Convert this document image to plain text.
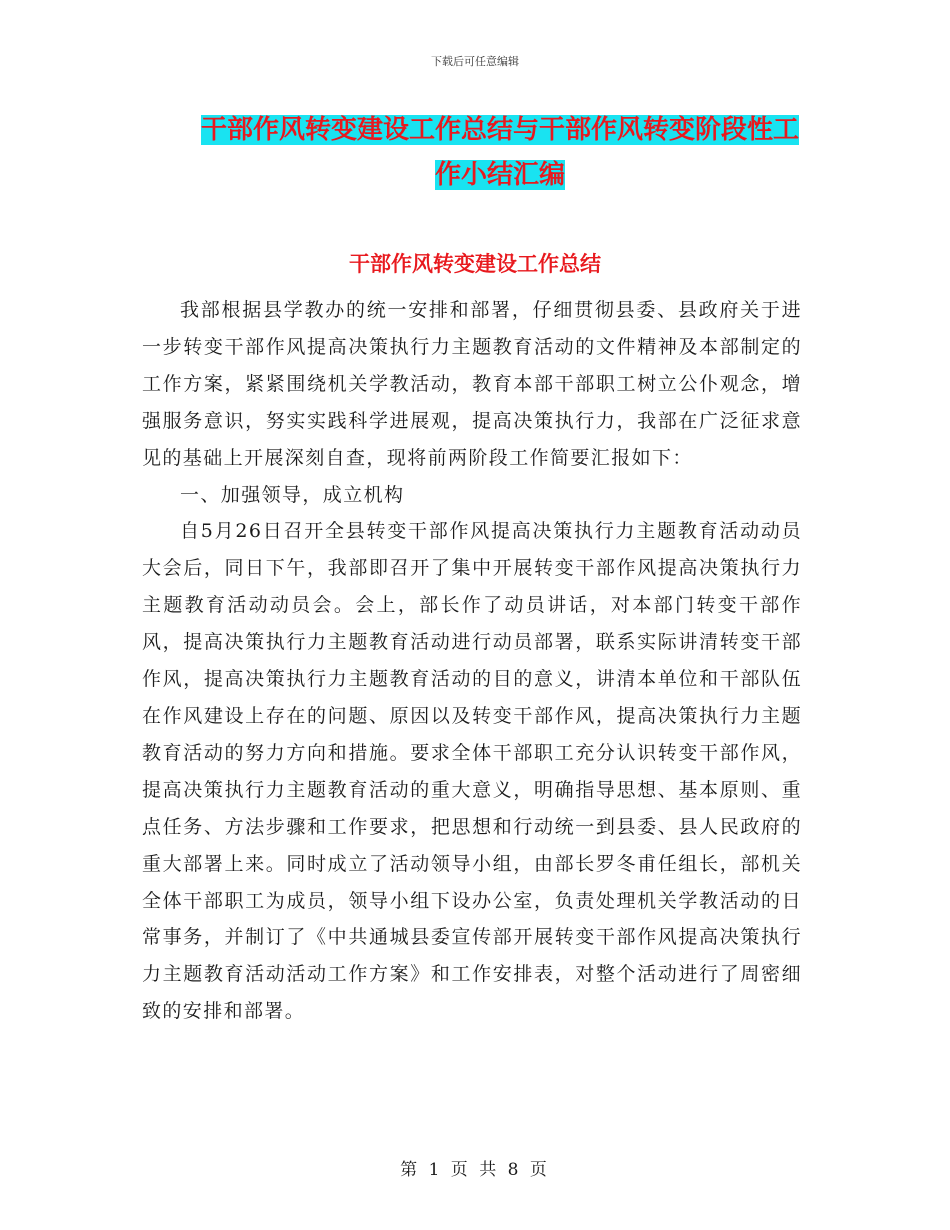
下载后可任意编辑
干部作风转变建设工作总结与干部作风转变阶段性工
作小结汇编
干部作风转变建设工作总结

我部根据县学教办的统一安排和部署，仔细贯彻县委、县政府关于进一步转变干部作风提高决策执行力主题教育活动的文件精神及本部制定的工作方案，紧紧围绕机关学教活动，教育本部干部职工树立公仆观念，增强服务意识，努实实践科学进展观，提高决策执行力，我部在广泛征求意见的基础上开展深刻自查，现将前两阶段工作简要汇报如下：

一、加强领导，成立机构

自5月26日召开全县转变干部作风提高决策执行力主题教育活动动员大会后，同日下午，我部即召开了集中开展转变干部作风提高决策执行力主题教育活动动员会。会上，部长作了动员讲话，对本部门转变干部作风，提高决策执行力主题教育活动进行动员部署，联系实际讲清转变干部作风，提高决策执行力主题教育活动的目的意义，讲清本单位和干部队伍在作风建设上存在的问题、原因以及转变干部作风，提高决策执行力主题教育活动的努力方向和措施。要求全体干部职工充分认识转变干部作风，提高决策执行力主题教育活动的重大意义，明确指导思想、基本原则、重点任务、方法步骤和工作要求，把思想和行动统一到县委、县人民政府的重大部署上来。同时成立了活动领导小组，由部长罗冬甫任组长，部机关全体干部职工为成员，领导小组下设办公室，负责处理机关学教活动的日常事务，并制订了《中共通城县委宣传部开展转变干部作风提高决策执行力主题教育活动活动工作方案》和工作安排表，对整个活动进行了周密细致的安排和部署。

第 1 页 共 8 页
